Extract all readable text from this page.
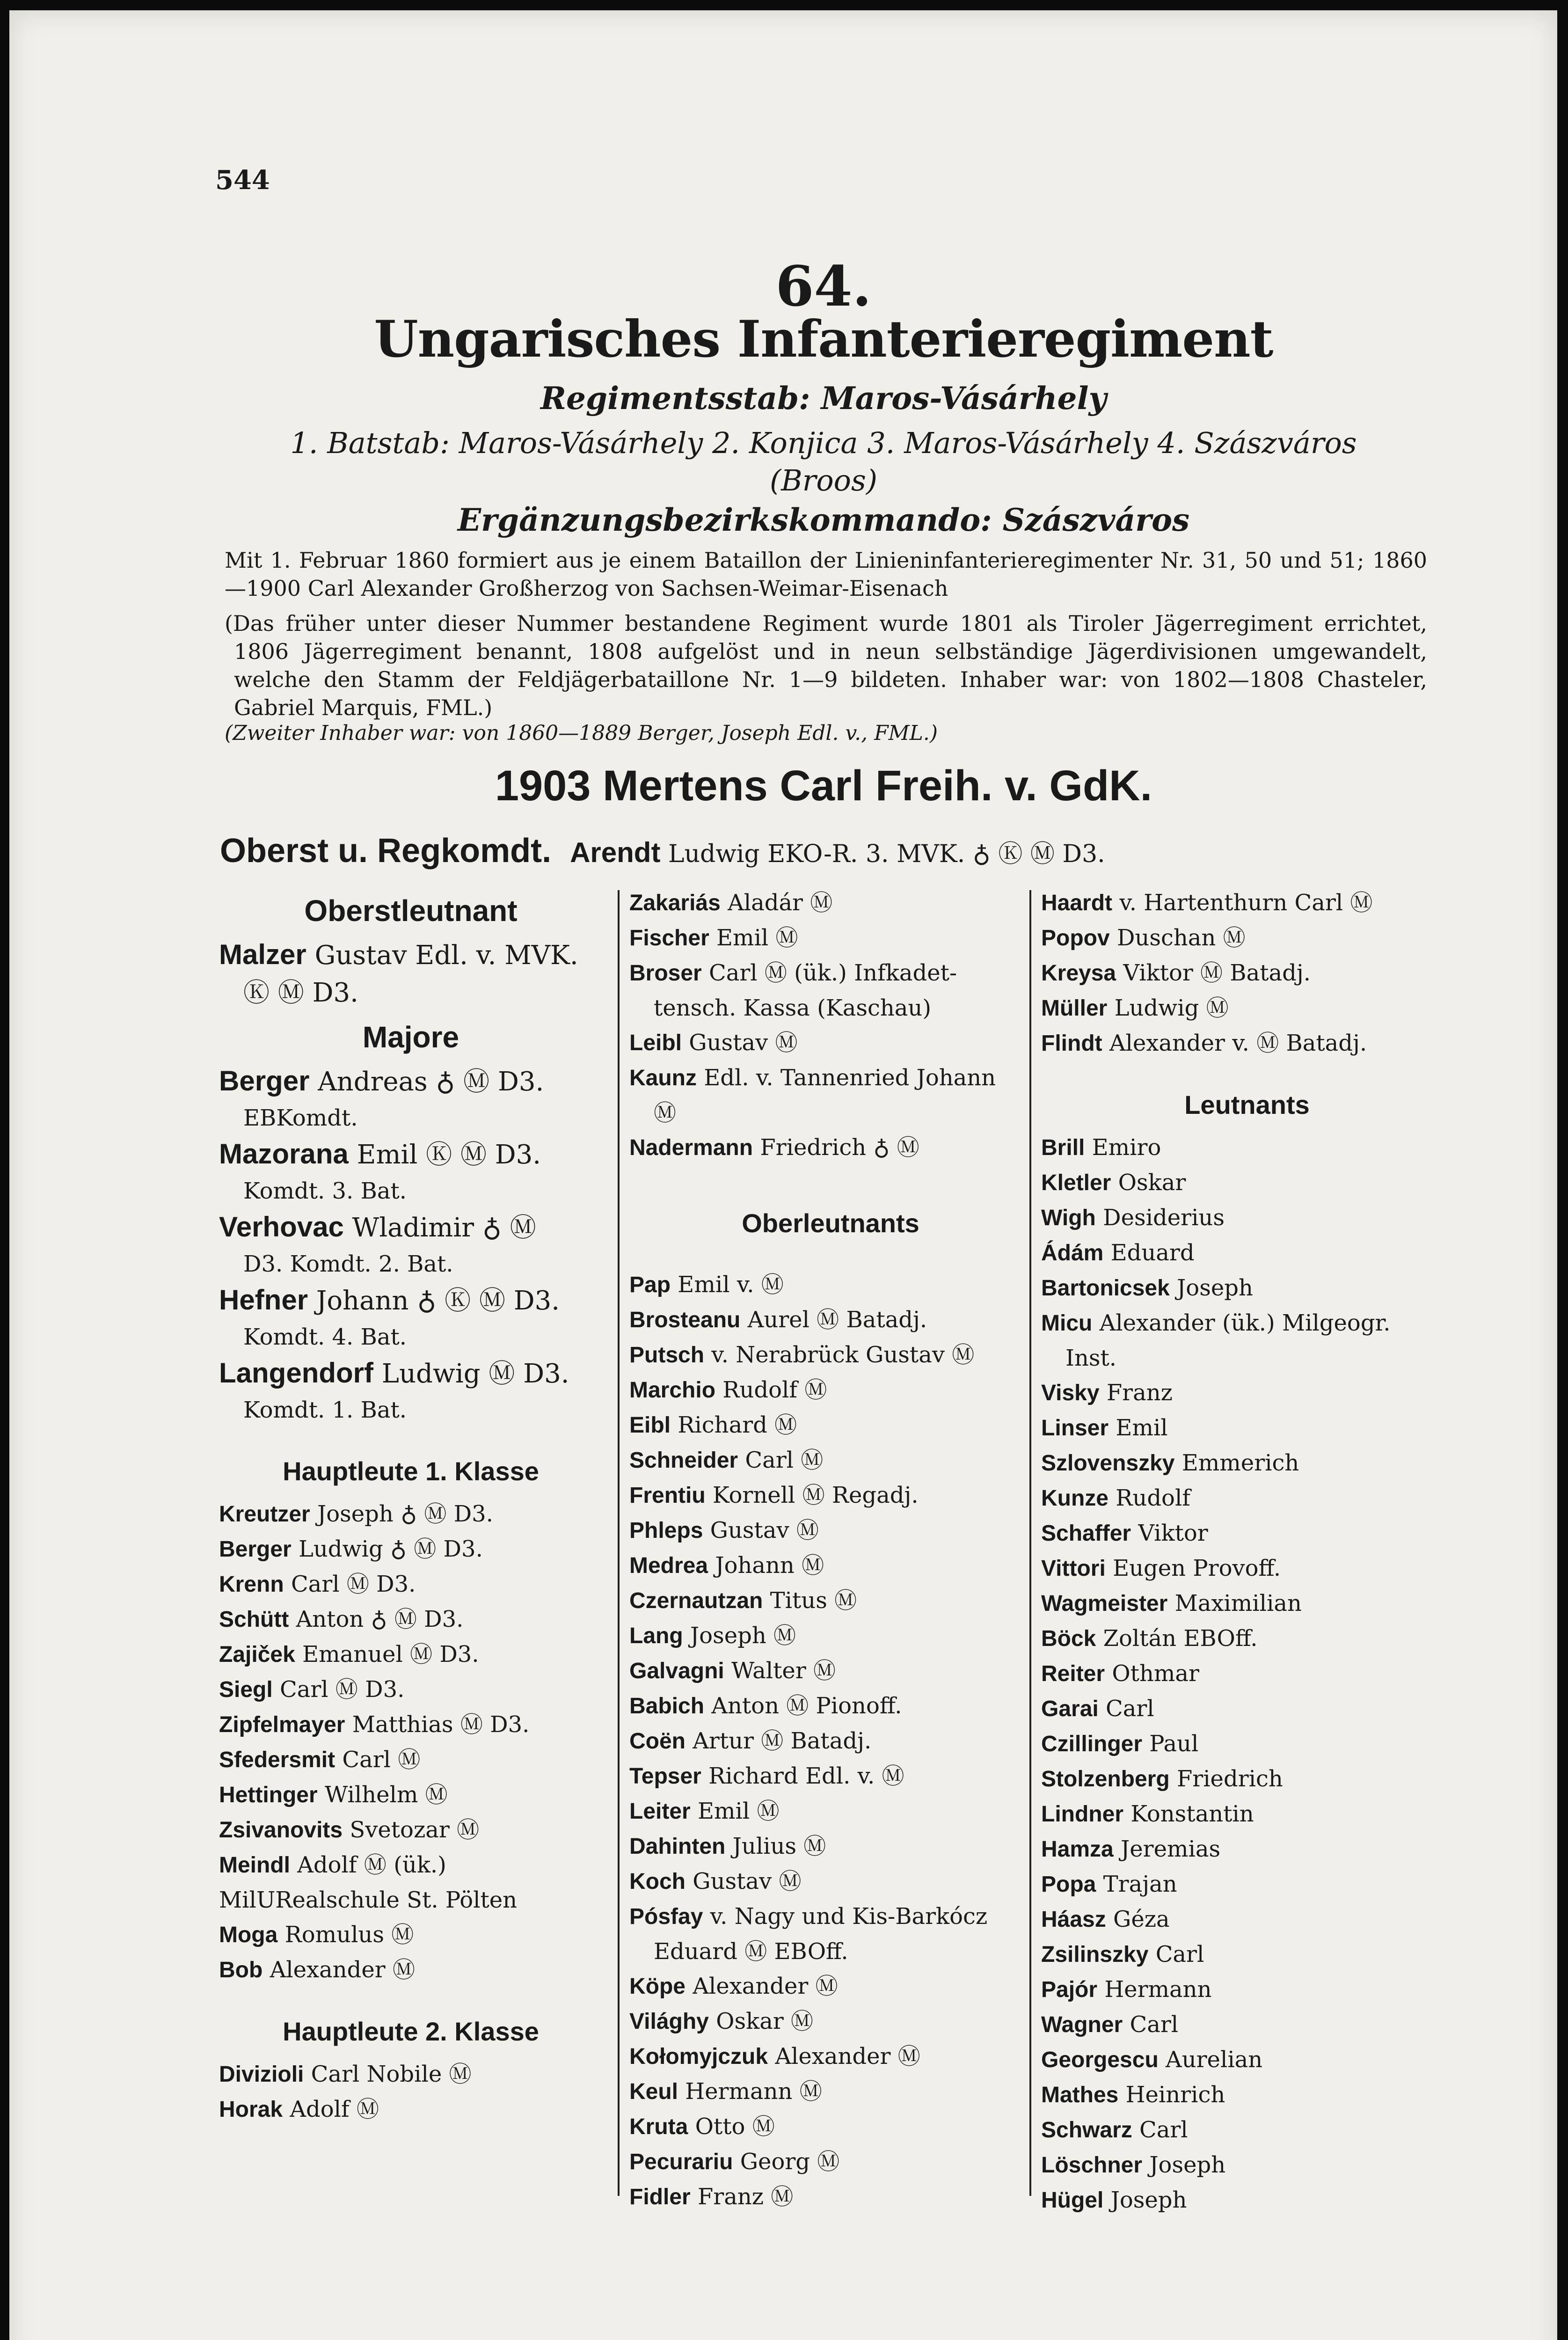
544
64.
Ungarisches Infanterieregiment
Regimentsstab: Maros-Vásárhely
1. Batstab: Maros-Vásárhely 2. Konjica 3. Maros-Vásárhely 4. Szászváros
(Broos)
Ergänzungsbezirkskommando: Szászváros
Mit 1. Februar 1860 formiert aus je einem Bataillon der Linieninfanterieregimenter Nr. 31, 50 und 51; 1860—1900 Carl Alexander Großherzog von Sachsen-Weimar-Eisenach
(Das früher unter dieser Nummer bestandene Regiment wurde 1801 als Tiroler Jägerregiment errichtet, 1806 Jägerregiment benannt, 1808 aufgelöst und in neun selbständige Jägerdivisionen umgewandelt, welche den Stamm der Feldjägerbataillone Nr. 1—9 bildeten. Inhaber war: von 1802—1808 Chasteler, Gabriel Marquis, FML.)
(Zweiter Inhaber war: von 1860—1889 Berger, Joseph Edl. v., FML.)
1903 Mertens Carl Freih. v. GdK.
Oberst u. Regkomdt. Arendt Ludwig EKO-R. 3. MVK. ♁ Ⓚ Ⓜ D3.
Oberstleutnant
Malzer Gustav Edl. v. MVK.
Ⓚ Ⓜ D3.
Majore
Berger Andreas ♁ Ⓜ D3.
EBKomdt.
Mazorana Emil Ⓚ Ⓜ D3.
Komdt. 3. Bat.
Verhovac Wladimir ♁ Ⓜ
D3. Komdt. 2. Bat.
Hefner Johann ♁ Ⓚ Ⓜ D3.
Komdt. 4. Bat.
Langendorf Ludwig Ⓜ D3.
Komdt. 1. Bat.
Hauptleute 1. Klasse
Kreutzer Joseph ♁ Ⓜ D3.
Berger Ludwig ♁ Ⓜ D3.
Krenn Carl Ⓜ D3.
Schütt Anton ♁ Ⓜ D3.
Zajiček Emanuel Ⓜ D3.
Siegl Carl Ⓜ D3.
Zipfelmayer Matthias Ⓜ D3.
Sfedersmit Carl Ⓜ
Hettinger Wilhelm Ⓜ
Zsivanovits Svetozar Ⓜ
Meindl Adolf Ⓜ (ük.) MilURealschule St. Pölten
Moga Romulus Ⓜ
Bob Alexander Ⓜ
Hauptleute 2. Klasse
Divizioli Carl Nobile Ⓜ
Horak Adolf Ⓜ
Zakariás Aladár Ⓜ
Fischer Emil Ⓜ
Broser Carl Ⓜ (ük.) Infkadet-
tensch. Kassa (Kaschau)
Leibl Gustav Ⓜ
Kaunz Edl. v. Tannenried Johann
Ⓜ
Nadermann Friedrich ♁ Ⓜ
Oberleutnants
Pap Emil v. Ⓜ
Brosteanu Aurel Ⓜ Batadj.
Putsch v. Nerabrück Gustav Ⓜ
Marchio Rudolf Ⓜ
Eibl Richard Ⓜ
Schneider Carl Ⓜ
Frentiu Kornell Ⓜ Regadj.
Phleps Gustav Ⓜ
Medrea Johann Ⓜ
Czernautzan Titus Ⓜ
Lang Joseph Ⓜ
Galvagni Walter Ⓜ
Babich Anton Ⓜ Pionoff.
Coën Artur Ⓜ Batadj.
Tepser Richard Edl. v. Ⓜ
Leiter Emil Ⓜ
Dahinten Julius Ⓜ
Koch Gustav Ⓜ
Pósfay v. Nagy und Kis-Barkócz
Eduard Ⓜ EBOff.
Köpe Alexander Ⓜ
Világhy Oskar Ⓜ
Kołomyjczuk Alexander Ⓜ
Keul Hermann Ⓜ
Kruta Otto Ⓜ
Pecurariu Georg Ⓜ
Fidler Franz Ⓜ
Haardt v. Hartenthurn Carl Ⓜ
Popov Duschan Ⓜ
Kreysa Viktor Ⓜ Batadj.
Müller Ludwig Ⓜ
Flindt Alexander v. Ⓜ Batadj.
Leutnants
Brill Emiro
Kletler Oskar
Wigh Desiderius
Ádám Eduard
Bartonicsek Joseph
Micu Alexander (ük.) Milgeogr.
Inst.
Visky Franz
Linser Emil
Szlovenszky Emmerich
Kunze Rudolf
Schaffer Viktor
Vittori Eugen Provoff.
Wagmeister Maximilian
Böck Zoltán EBOff.
Reiter Othmar
Garai Carl
Czillinger Paul
Stolzenberg Friedrich
Lindner Konstantin
Hamza Jeremias
Popa Trajan
Háasz Géza
Zsilinszky Carl
Pajór Hermann
Wagner Carl
Georgescu Aurelian
Mathes Heinrich
Schwarz Carl
Löschner Joseph
Hügel Joseph
